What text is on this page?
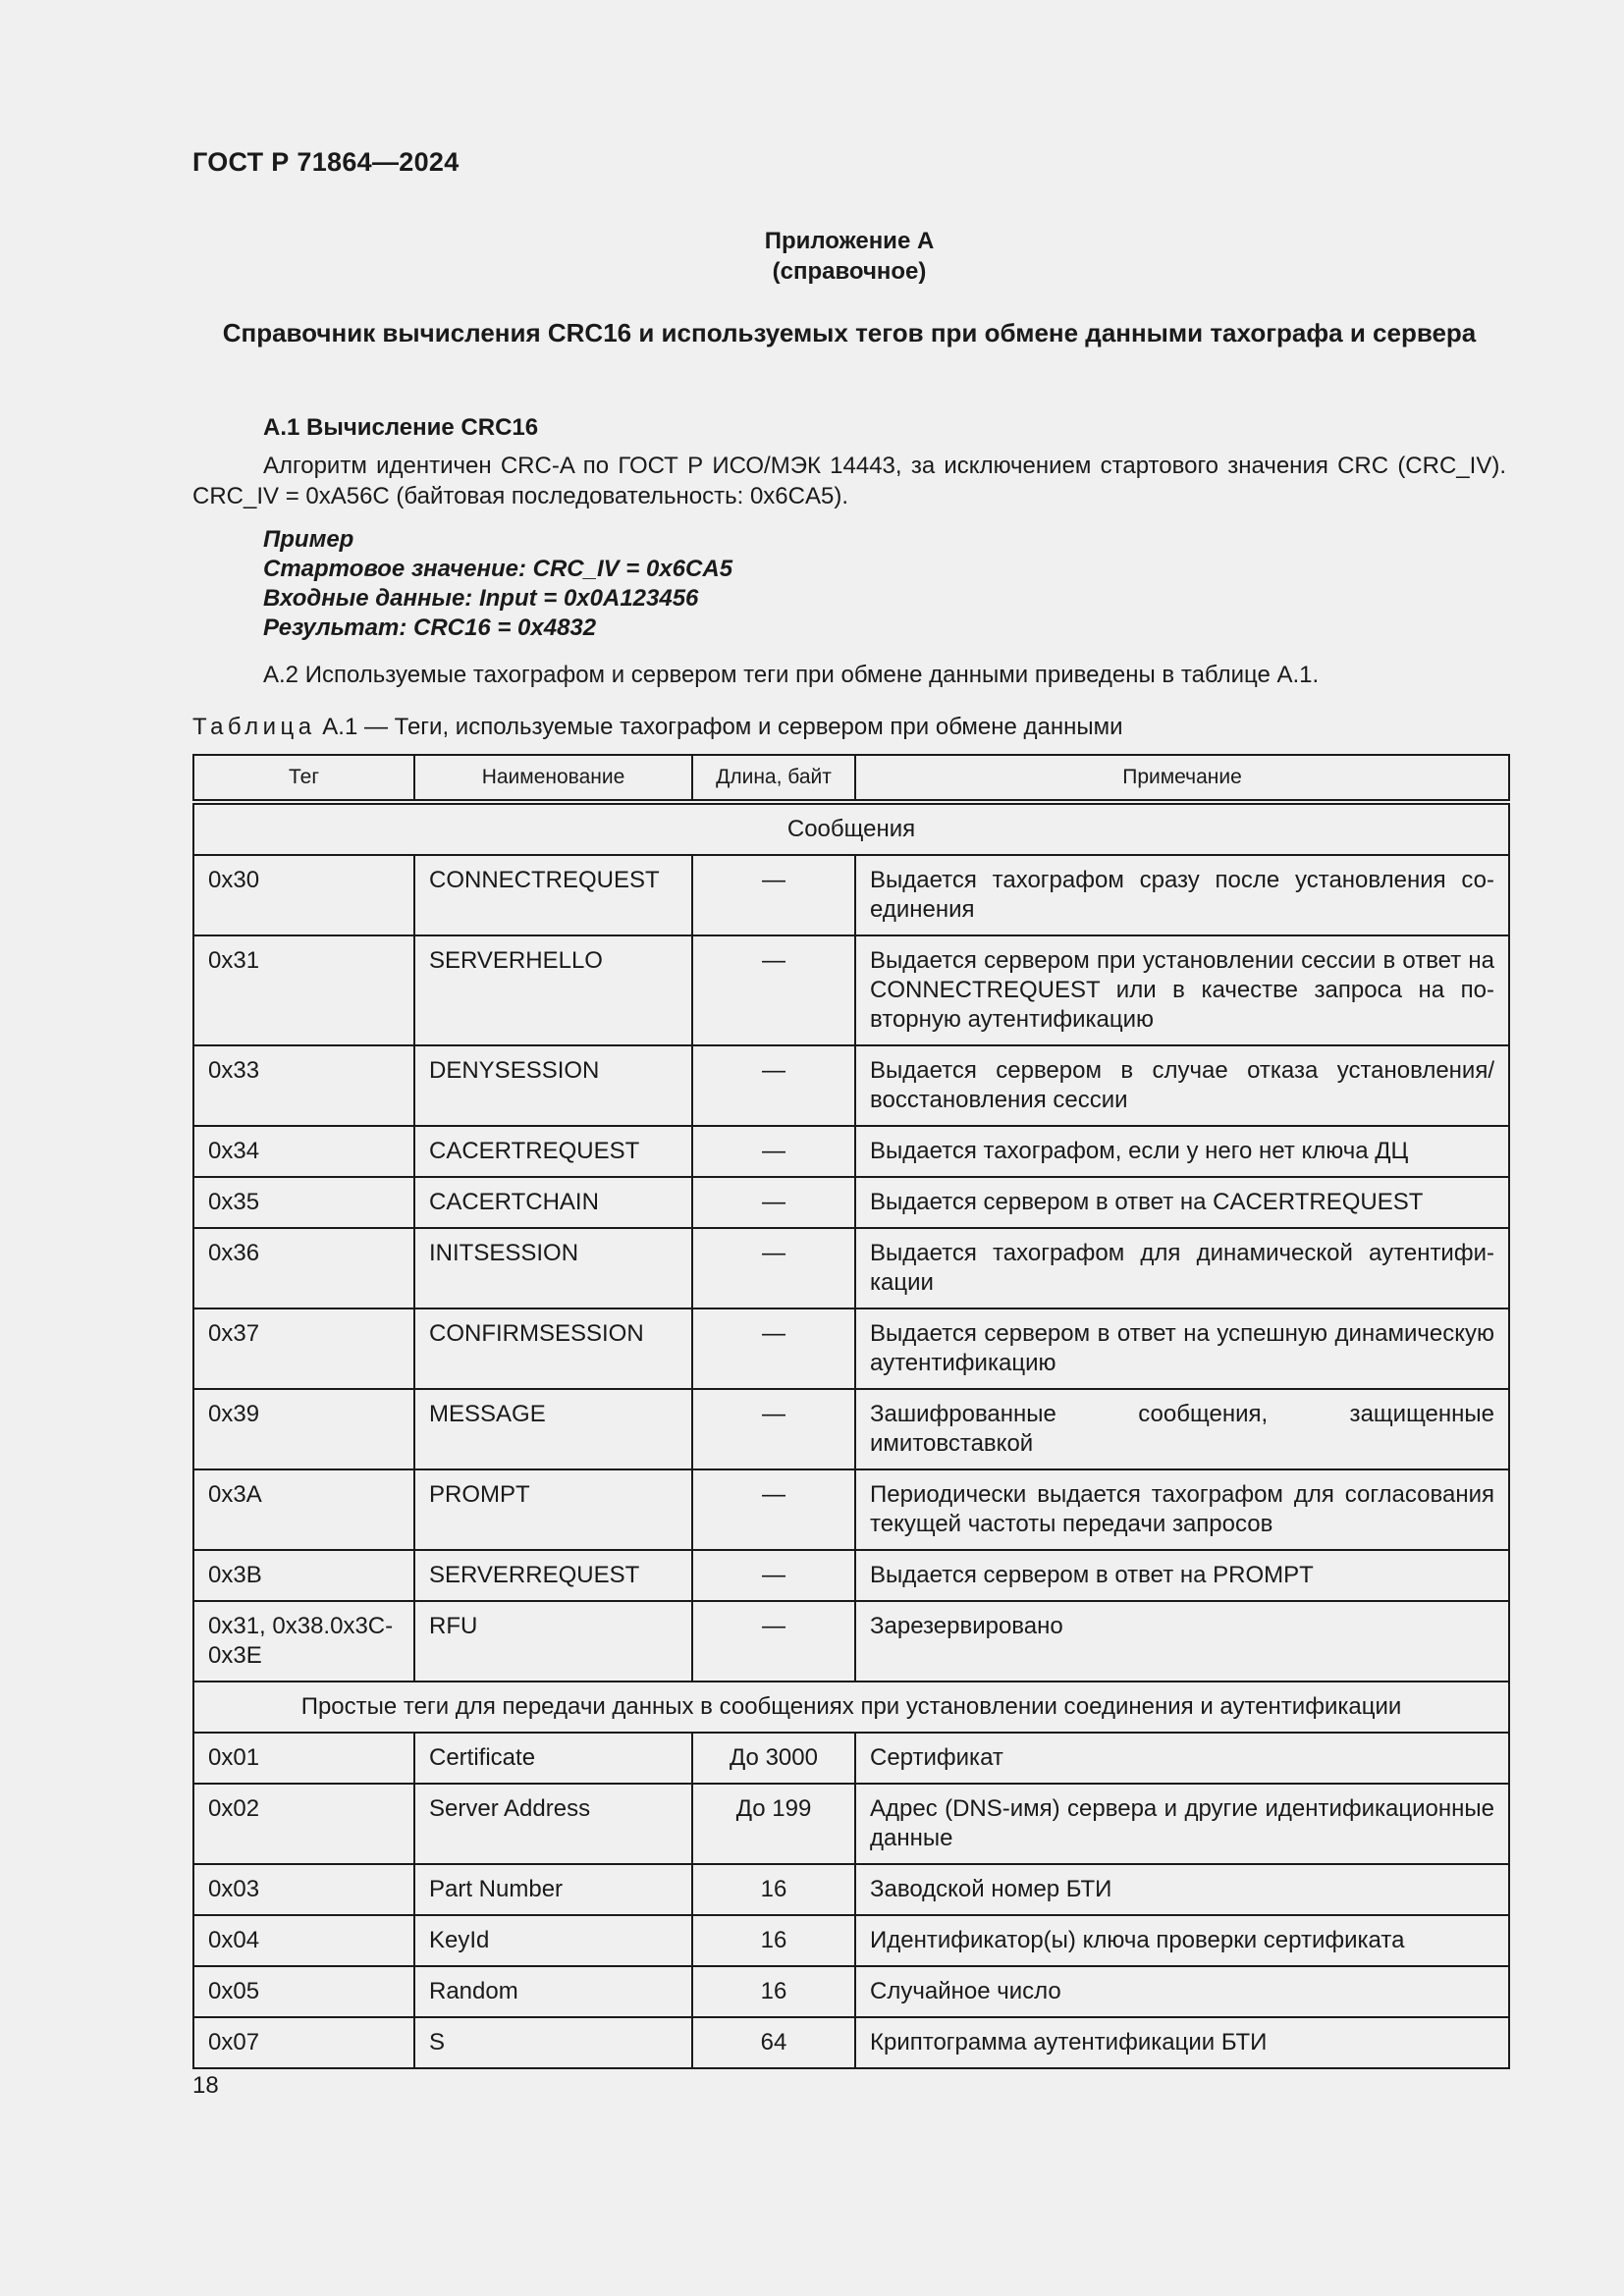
ГОСТ Р 71864—2024
Приложение А
(справочное)
Справочник вычисления CRC16 и используемых тегов при обмене данными тахографа и сервера
А.1 Вычисление CRC16
Алгоритм идентичен CRC-A по ГОСТ Р ИСО/МЭК 14443, за исключением стартового значения CRC (CRC_IV). CRC_IV = 0xA56C (байтовая последовательность: 0x6CA5).
Пример
Стартовое значение: CRC_IV = 0x6CA5
Входные данные: Input = 0x0A123456
Результат: CRC16 = 0x4832
А.2 Используемые тахографом и сервером теги при обмене данными приведены в таблице А.1.
Таблица А.1 — Теги, используемые тахографом и сервером при обмене данными
Тег	Наименование	Длина, байт	Примечание
Сообщения			
0x30	CONNECTREQUEST	—	Выдается тахографом сразу после установления соединения
0x31	SERVERHELLO	—	Выдается сервером при установлении сессии в ответ на CONNECTREQUEST или в качестве запроса на повторную аутентификацию
0x33	DENYSESSION	—	Выдается сервером в случае отказа установления/ восстановления сессии
0x34	CACERTREQUEST	—	Выдается тахографом, если у него нет ключа ДЦ
0x35	CACERTCHAIN	—	Выдается сервером в ответ на CACERTREQUEST
0x36	INITSESSION	—	Выдается тахографом для динамической аутентификации
0x37	CONFIRMSESSION	—	Выдается сервером в ответ на успешную динамическую аутентификацию
0x39	MESSAGE	—	Зашифрованные сообщения, защищенные имитовставкой
0x3A	PROMPT	—	Периодически выдается тахографом для согласования текущей частоты передачи запросов
0x3B	SERVERREQUEST	—	Выдается сервером в ответ на PROMPT
0x31, 0x38.0x3C-0x3E	RFU	—	Зарезервировано
Простые теги для передачи данных в сообщениях при установлении соединения и аутентификации			
0x01	Certificate	До 3000	Сертификат
0x02	Server Address	До 199	Адрес (DNS-имя) сервера и другие идентификационные данные
0x03	Part Number	16	Заводской номер БТИ
0x04	KeyId	16	Идентификатор(ы) ключа проверки сертификата
0x05	Random	16	Случайное число
0x07	S	64	Криптограмма аутентификации БТИ
18
